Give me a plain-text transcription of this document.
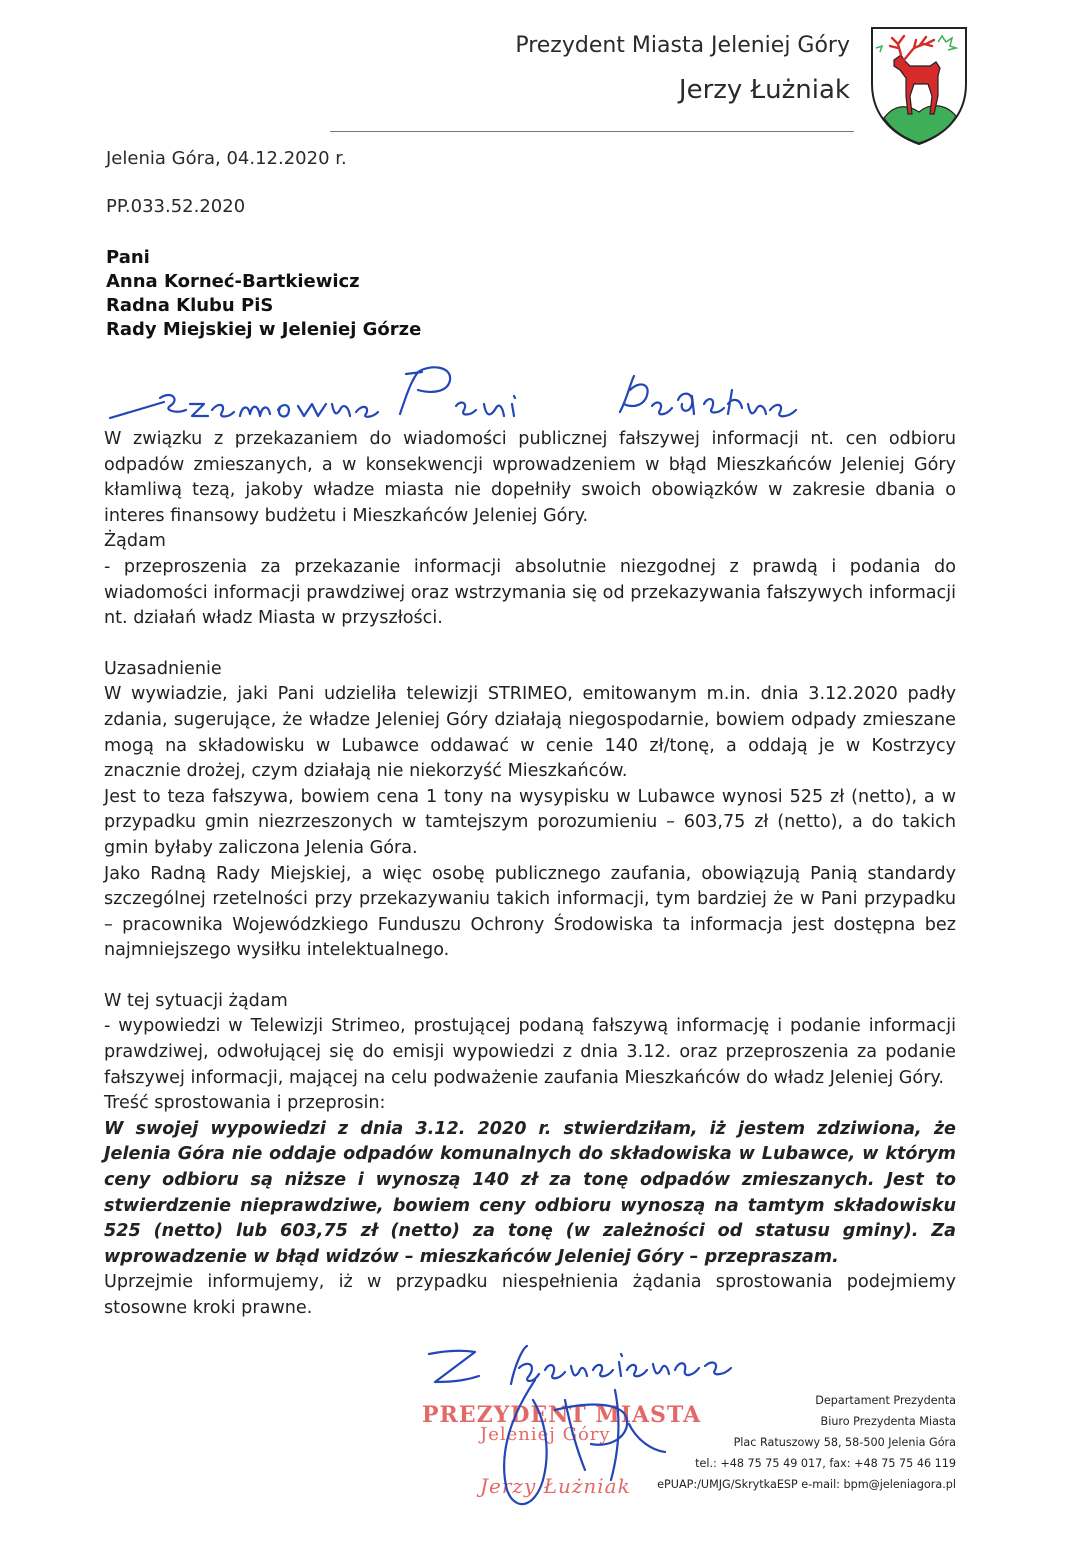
Prezydent Miasta Jeleniej Góry
Jerzy Łużniak
Jelenia Góra, 04.12.2020 r.
PP.033.52.2020
Pani
Anna Korneć-Bartkiewicz
Radna Klubu PiS
Rady Miejskiej w Jeleniej Górze

W związku z przekazaniem do wiadomości publicznej fałszywej informacji nt. cen odbioru odpadów zmieszanych, a w konsekwencji wprowadzeniem w błąd Mieszkańców Jeleniej Góry kłamliwą tezą, jakoby władze miasta nie dopełniły swoich obowiązków w zakresie dbania o interes finansowy budżetu i Mieszkańców Jeleniej Góry.

Żądam

- przeproszenia za przekazanie informacji absolutnie niezgodnej z prawdą i podania do wiadomości informacji prawdziwej oraz wstrzymania się od przekazywania fałszywych informacji nt. działań władz Miasta w przyszłości.

Uzasadnienie

W wywiadzie, jaki Pani udzieliła telewizji STRIMEO, emitowanym m.in. dnia 3.12.2020 padły zdania, sugerujące, że władze Jeleniej Góry działają niegospodarnie, bowiem odpady zmieszane mogą na składowisku w Lubawce oddawać w cenie 140 zł/tonę, a oddają je w Kostrzycy znacznie drożej, czym działają nie niekorzyść Mieszkańców.

Jest to teza fałszywa, bowiem cena 1 tony na wysypisku w Lubawce wynosi 525 zł (netto), a w przypadku gmin niezrzeszonych w tamtejszym porozumieniu – 603,75 zł (netto), a do takich gmin byłaby zaliczona Jelenia Góra.

Jako Radną Rady Miejskiej, a więc osobę publicznego zaufania, obowiązują Panią standardy szczególnej rzetelności przy przekazywaniu takich informacji, tym bardziej że w Pani przypadku – pracownika Wojewódzkiego Funduszu Ochrony Środowiska ta informacja jest dostępna bez najmniejszego wysiłku intelektualnego.

W tej sytuacji żądam

- wypowiedzi w Telewizji Strimeo, prostującej podaną fałszywą informację i podanie informacji prawdziwej, odwołującej się do emisji wypowiedzi z dnia 3.12. oraz przeproszenia za podanie fałszywej informacji, mającej na celu podważenie zaufania Mieszkańców do władz Jeleniej Góry.

Treść sprostowania i przeprosin:

W swojej wypowiedzi z dnia 3.12. 2020 r. stwierdziłam, iż jestem zdziwiona, że Jelenia Góra nie oddaje odpadów komunalnych do składowiska w Lubawce, w którym ceny odbioru są niższe i wynoszą 140 zł za tonę odpadów zmieszanych. Jest to stwierdzenie nieprawdziwe, bowiem ceny odbioru wynoszą na tamtym składowisku 525 (netto) lub 603,75 zł (netto) za tonę (w zależności od statusu gminy). Za wprowadzenie w błąd widzów – mieszkańców Jeleniej Góry – przepraszam.

Uprzejmie informujemy, iż w przypadku niespełnienia żądania sprostowania podejmiemy stosowne kroki prawne.

PREZYDENT MIASTA
Jeleniej Góry
Jerzy Łużniak
Departament Prezydenta
Biuro Prezydenta Miasta
Plac Ratuszowy 58, 58-500 Jelenia Góra
tel.: +48 75 75 49 017, fax: +48 75 75 46 119
ePUAP:/UMJG/SkrytkaESP e-mail: bpm@jeleniagora.pl
